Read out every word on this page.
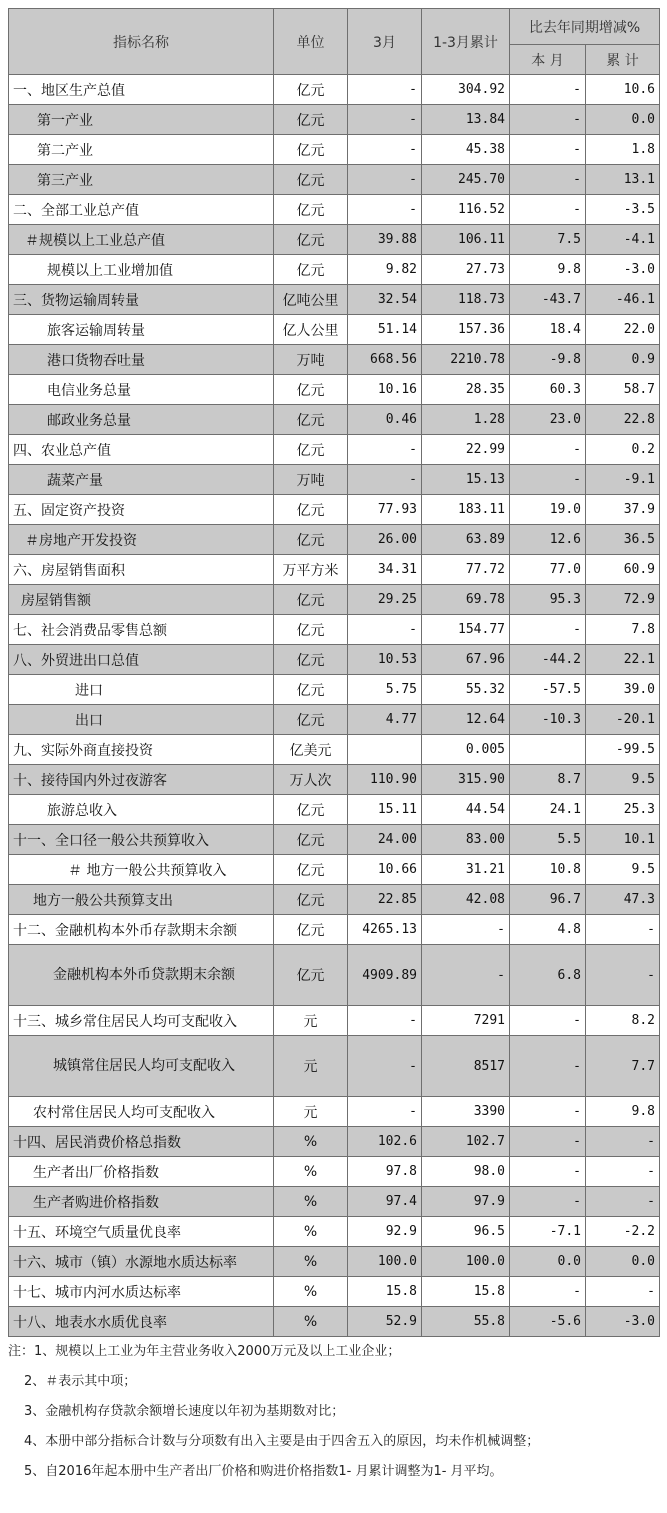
指标名称	单位	3月	1-3月累计	比去年同期增减%	
				本 月	累 计
一、地区生产总值	亿元	-	304.92	-	10.6
第一产业	亿元	-	13.84	-	0.0
第二产业	亿元	-	45.38	-	1.8
第三产业	亿元	-	245.70	-	13.1
二、全部工业总产值	亿元	-	116.52	-	-3.5
＃规模以上工业总产值	亿元	39.88	106.11	7.5	-4.1
规模以上工业增加值	亿元	9.82	27.73	9.8	-3.0
三、货物运输周转量	亿吨公里	32.54	118.73	-43.7	-46.1
旅客运输周转量	亿人公里	51.14	157.36	18.4	22.0
港口货物吞吐量	万吨	668.56	2210.78	-9.8	0.9
电信业务总量	亿元	10.16	28.35	60.3	58.7
邮政业务总量	亿元	0.46	1.28	23.0	22.8
四、农业总产值	亿元	-	22.99	-	0.2
蔬菜产量	万吨	-	15.13	-	-9.1
五、固定资产投资	亿元	77.93	183.11	19.0	37.9
＃房地产开发投资	亿元	26.00	63.89	12.6	36.5
六、房屋销售面积	万平方米	34.31	77.72	77.0	60.9
房屋销售额	亿元	29.25	69.78	95.3	72.9
七、社会消费品零售总额	亿元	-	154.77	-	7.8
八、外贸进出口总值	亿元	10.53	67.96	-44.2	22.1
进口	亿元	5.75	55.32	-57.5	39.0
出口	亿元	4.77	12.64	-10.3	-20.1
九、实际外商直接投资	亿美元		0.005		-99.5
十、接待国内外过夜游客	万人次	110.90	315.90	8.7	9.5
旅游总收入	亿元	15.11	44.54	24.1	25.3
十一、全口径一般公共预算收入	亿元	24.00	83.00	5.5	10.1
＃ 地方一般公共预算收入	亿元	10.66	31.21	10.8	9.5
地方一般公共预算支出	亿元	22.85	42.08	96.7	47.3
十二、金融机构本外币存款期末余额	亿元	4265.13	-	4.8	-
金融机构本外币贷款期末余额	亿元	4909.89	-	6.8	-
十三、城乡常住居民人均可支配收入	元	-	7291	-	8.2
城镇常住居民人均可支配收入	元	-	8517	-	7.7
农村常住居民人均可支配收入	元	-	3390	-	9.8
十四、居民消费价格总指数	%	102.6	102.7	-	-
生产者出厂价格指数	%	97.8	98.0	-	-
生产者购进价格指数	%	97.4	97.9	-	-
十五、环境空气质量优良率	%	92.9	96.5	-7.1	-2.2
十六、城市（镇）水源地水质达标率	%	100.0	100.0	0.0	0.0
十七、城市内河水质达标率	%	15.8	15.8	-	-
十八、地表水水质优良率	%	52.9	55.8	-5.6	-3.0
注：1、规模以上工业为年主营业务收入2000万元及以上工业企业；
2、＃表示其中项；
3、金融机构存贷款余额增长速度以年初为基期数对比；
4、本册中部分指标合计数与分项数有出入主要是由于四舍五入的原因，均未作机械调整；
5、自2016年起本册中生产者出厂价格和购进价格指数1- 月累计调整为1- 月平均。
